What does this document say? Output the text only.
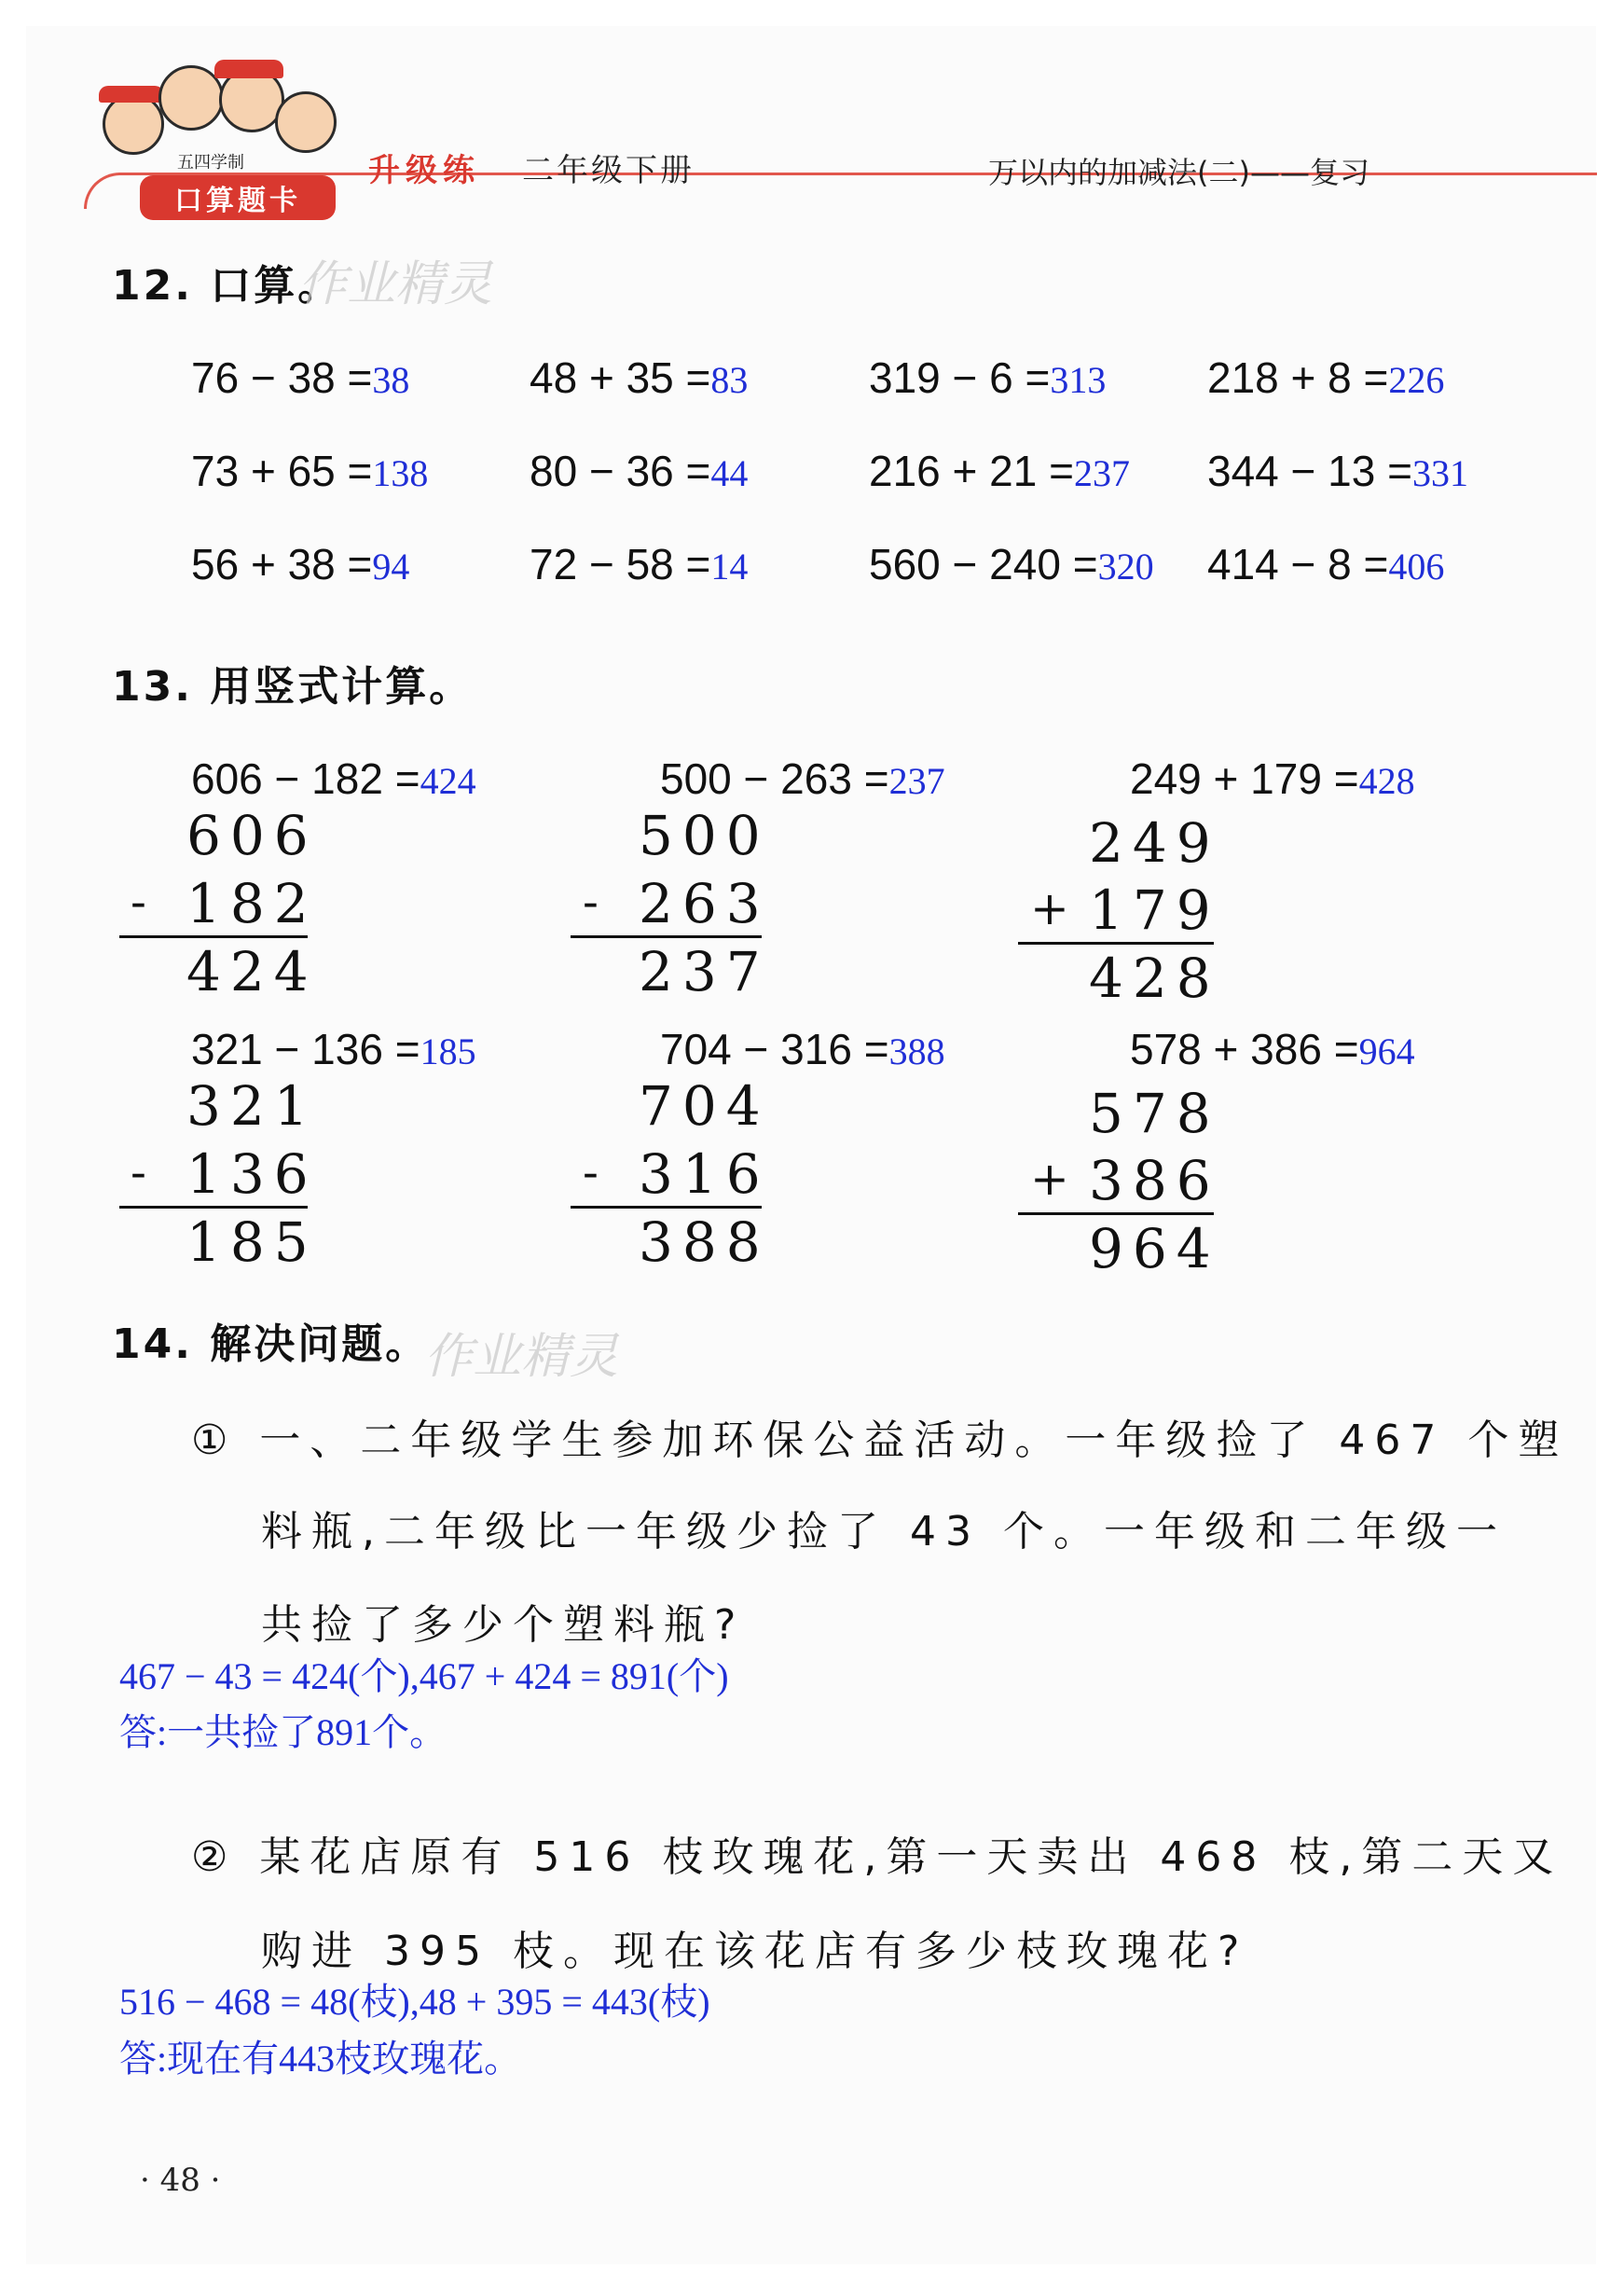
五四学制
口算题卡
升级练 二年级下册	万以内的加减法(二)——复习
12. 口算。
作业精灵
76 − 38 =38	48 + 35 =83	319 − 6 =313 218 + 8 =226
73 + 65 =138 80 − 36 =44	216 + 21 =237 344 − 13 =331
56 + 38 =94	72 − 58 =14	560 − 240 =320 414 − 8 =406
13. 用竖式计算。
606 − 182 =424
606
- 182
424
500 − 263 =237
500
- 263
237
249 + 179 =428
249
+ 179
428
321 − 136 =185
321
- 136
185
704 − 316 =388
704
- 316
388
578 + 386 =964
578
+ 386
964
14. 解决问题。
作业精灵
① 一、二年级学生参加环保公益活动。一年级捡了 467 个塑
料瓶,二年级比一年级少捡了 43 个。一年级和二年级一
共捡了多少个塑料瓶?
467 − 43 = 424(个),467 + 424 = 891(个)
答:一共捡了891个。
② 某花店原有 516 枝玫瑰花,第一天卖出 468 枝,第二天又
购进 395 枝。现在该花店有多少枝玫瑰花?
516 − 468 = 48(枝),48 + 395 = 443(枝)
答:现在有443枝玫瑰花。
· 48 ·
